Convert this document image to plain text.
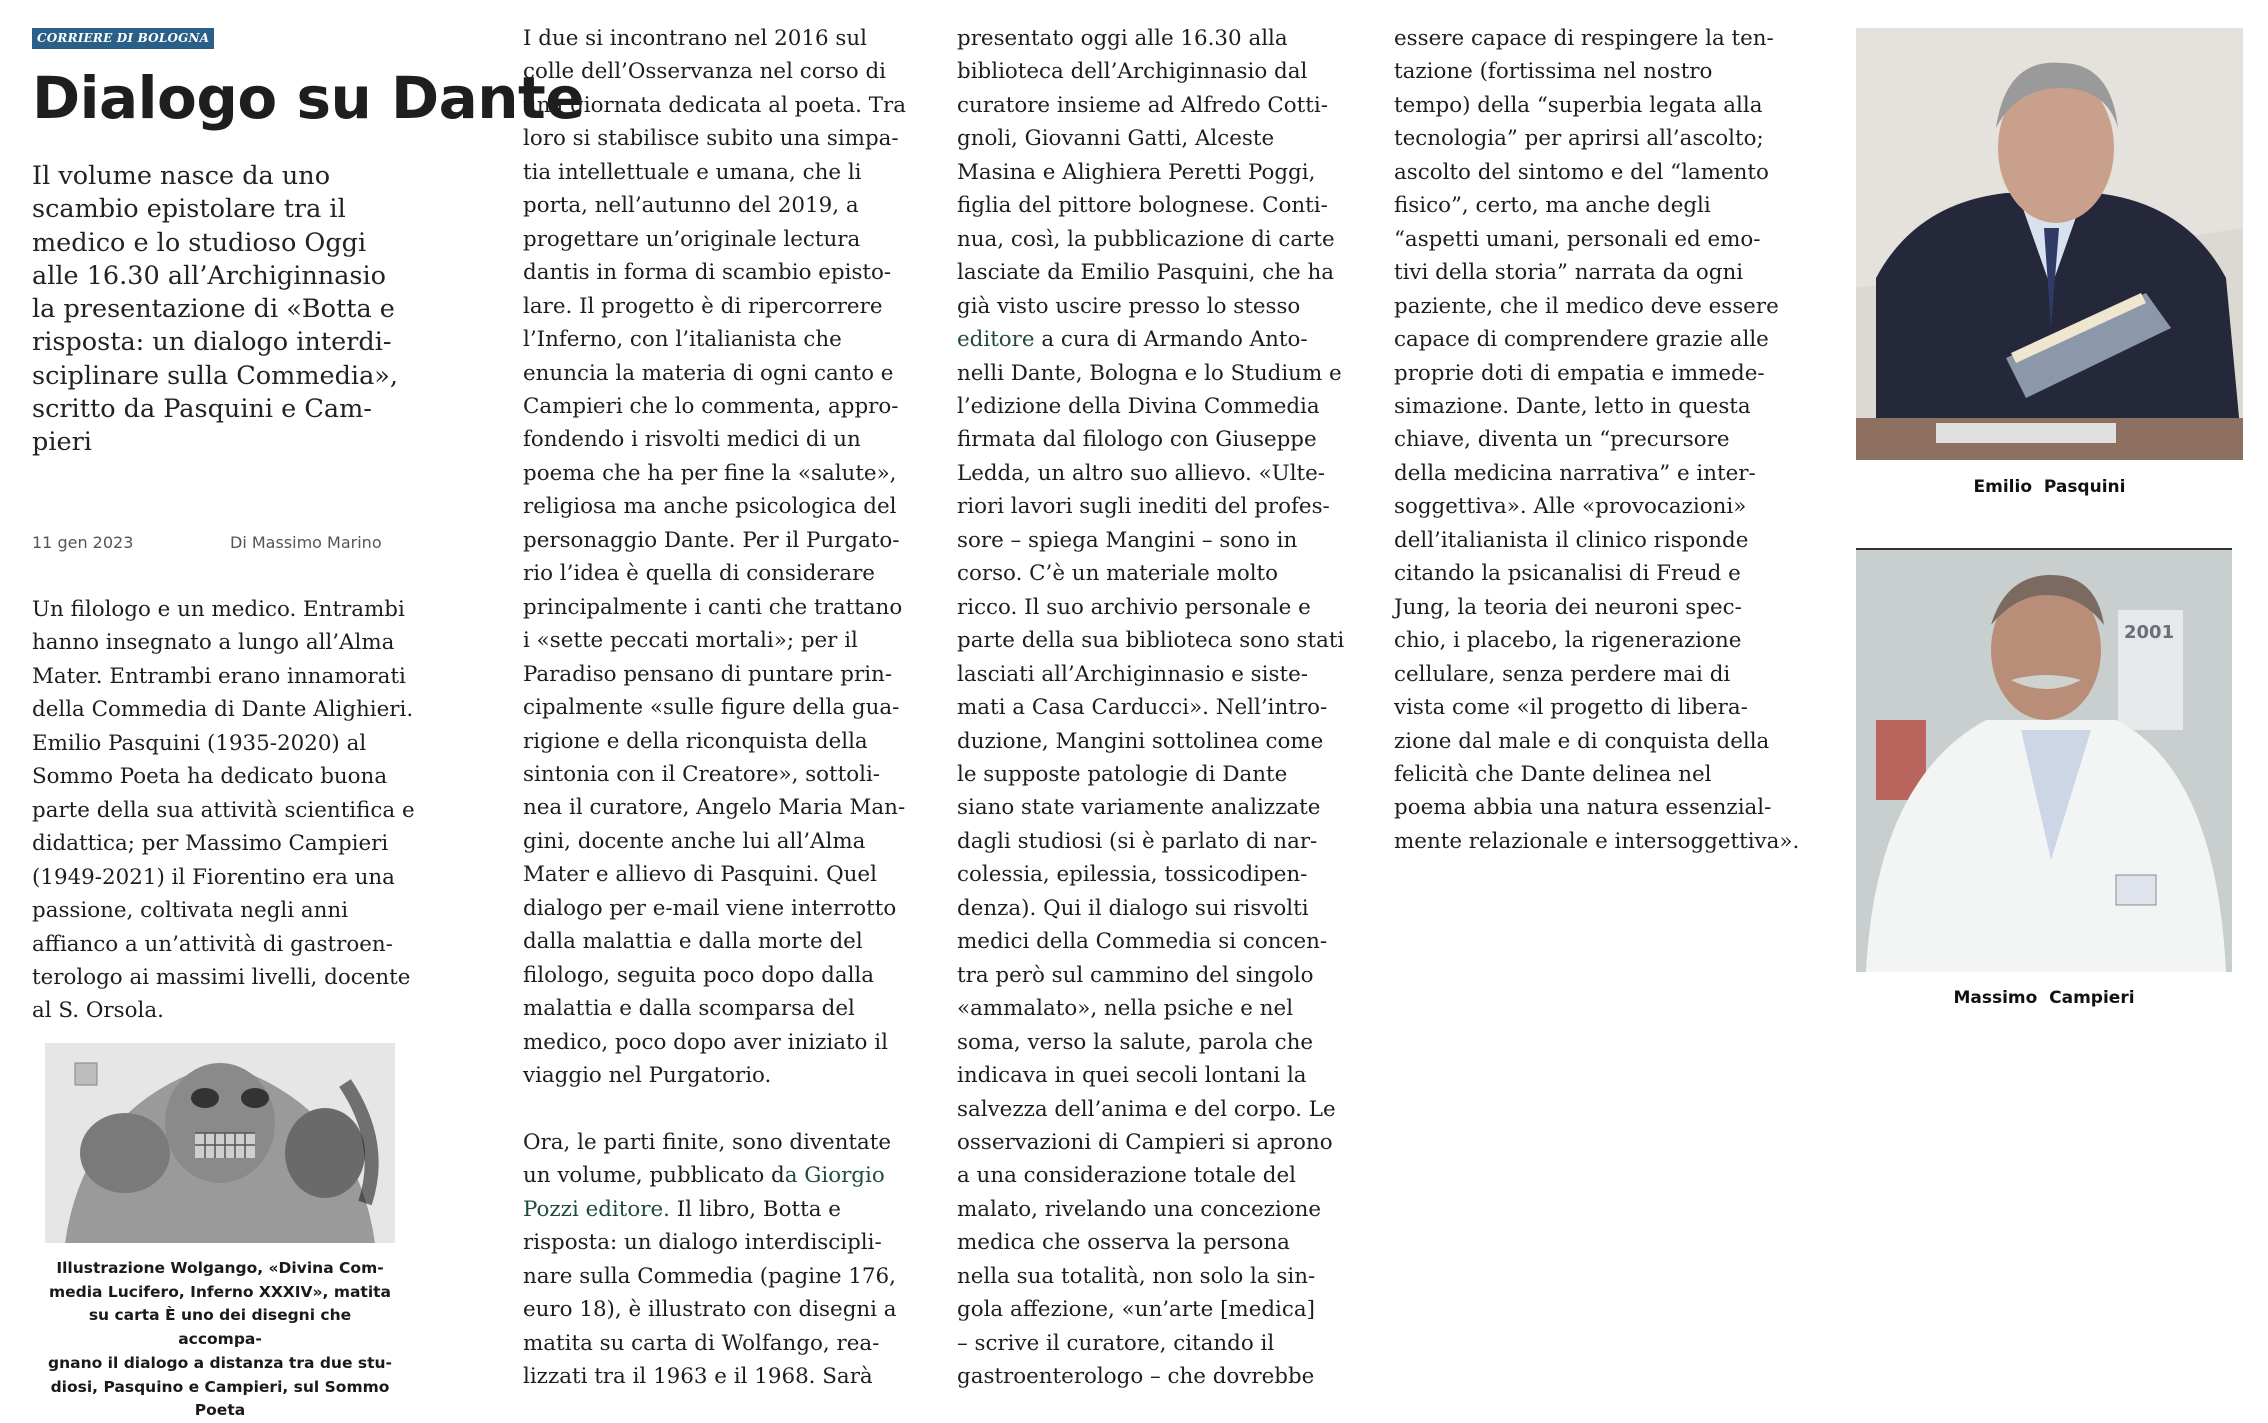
CORRIERE DI BOLOGNA
Dialogo su Dante
Il volume nasce da uno
scambio epistolare tra il
medico e lo studioso Oggi
alle 16.30 all’Archiginnasio
la presentazione di «Botta e
risposta: un dialogo interdi-
sciplinare sulla Commedia»,
scritto da Pasquini e Cam-
pieri
11 gen 2023	Di Massimo Marino
Un filologo e un medico. Entrambi
hanno insegnato a lungo all’Alma
Mater. Entrambi erano innamorati
della Commedia di Dante Alighieri.
Emilio Pasquini (1935-2020) al
Sommo Poeta ha dedicato buona
parte della sua attività scientifica e
didattica; per Massimo Campieri
(1949-2021) il Fiorentino era una
passione, coltivata negli anni
affianco a un’attività di gastroen-
terologo ai massimi livelli, docente
al S. Orsola.
Illustrazione Wolgango, «Divina Com-
media Lucifero, Inferno XXXIV», matita
su carta È uno dei disegni che accompa-
gnano il dialogo a distanza tra due stu-
diosi, Pasquino e Campieri, sul Sommo
Poeta
I due si incontrano nel 2016 sul
colle dell’Osservanza nel corso di
una giornata dedicata al poeta. Tra
loro si stabilisce subito una simpa-
tia intellettuale e umana, che li
porta, nell’autunno del 2019, a
progettare un’originale lectura
dantis in forma di scambio episto-
lare. Il progetto è di ripercorrere
l’Inferno, con l’italianista che
enuncia la materia di ogni canto e
Campieri che lo commenta, appro-
fondendo i risvolti medici di un
poema che ha per fine la «salute»,
religiosa ma anche psicologica del
personaggio Dante. Per il Purgato-
rio l’idea è quella di considerare
principalmente i canti che trattano
i «sette peccati mortali»; per il
Paradiso pensano di puntare prin-
cipalmente «sulle figure della gua-
rigione e della riconquista della
sintonia con il Creatore», sottoli-
nea il curatore, Angelo Maria Man-
gini, docente anche lui all’Alma
Mater e allievo di Pasquini. Quel
dialogo per e-mail viene interrotto
dalla malattia e dalla morte del
filologo, seguita poco dopo dalla
malattia e dalla scomparsa del
medico, poco dopo aver iniziato il
viaggio nel Purgatorio.
Ora, le parti finite, sono diventate
un volume, pubblicato da Giorgio
Pozzi editore. Il libro, Botta e
risposta: un dialogo interdiscipli-
nare sulla Commedia (pagine 176,
euro 18), è illustrato con disegni a
matita su carta di Wolfango, rea-
lizzati tra il 1963 e il 1968. Sarà
presentato oggi alle 16.30 alla
biblioteca dell’Archiginnasio dal
curatore insieme ad Alfredo Cotti-
gnoli, Giovanni Gatti, Alceste
Masina e Alighiera Peretti Poggi,
figlia del pittore bolognese. Conti-
nua, così, la pubblicazione di carte
lasciate da Emilio Pasquini, che ha
già visto uscire presso lo stesso
editore a cura di Armando Anto-
nelli Dante, Bologna e lo Studium e
l’edizione della Divina Commedia
firmata dal filologo con Giuseppe
Ledda, un altro suo allievo. «Ulte-
riori lavori sugli inediti del profes-
sore – spiega Mangini – sono in
corso. C’è un materiale molto
ricco. Il suo archivio personale e
parte della sua biblioteca sono stati
lasciati all’Archiginnasio e siste-
mati a Casa Carducci». Nell’intro-
duzione, Mangini sottolinea come
le supposte patologie di Dante
siano state variamente analizzate
dagli studiosi (si è parlato di nar-
colessia, epilessia, tossicodipen-
denza). Qui il dialogo sui risvolti
medici della Commedia si concen-
tra però sul cammino del singolo
«ammalato», nella psiche e nel
soma, verso la salute, parola che
indicava in quei secoli lontani la
salvezza dell’anima e del corpo. Le
osservazioni di Campieri si aprono
a una considerazione totale del
malato, rivelando una concezione
medica che osserva la persona
nella sua totalità, non solo la sin-
gola affezione, «un’arte [medica]
– scrive il curatore, citando il
gastroenterologo – che dovrebbe
essere capace di respingere la ten-
tazione (fortissima nel nostro
tempo) della “superbia legata alla
tecnologia” per aprirsi all’ascolto;
ascolto del sintomo e del “lamento
fisico”, certo, ma anche degli
“aspetti umani, personali ed emo-
tivi della storia” narrata da ogni
paziente, che il medico deve essere
capace di comprendere grazie alle
proprie doti di empatia e immede-
simazione. Dante, letto in questa
chiave, diventa un “precursore
della medicina narrativa” e inter-
soggettiva». Alle «provocazioni»
dell’italianista il clinico risponde
citando la psicanalisi di Freud e
Jung, la teoria dei neuroni spec-
chio, i placebo, la rigenerazione
cellulare, senza perdere mai di
vista come «il progetto di libera-
zione dal male e di conquista della
felicità che Dante delinea nel
poema abbia una natura essenzial-
mente relazionale e intersoggettiva».
Emilio  Pasquini
2001
Massimo  Campieri
